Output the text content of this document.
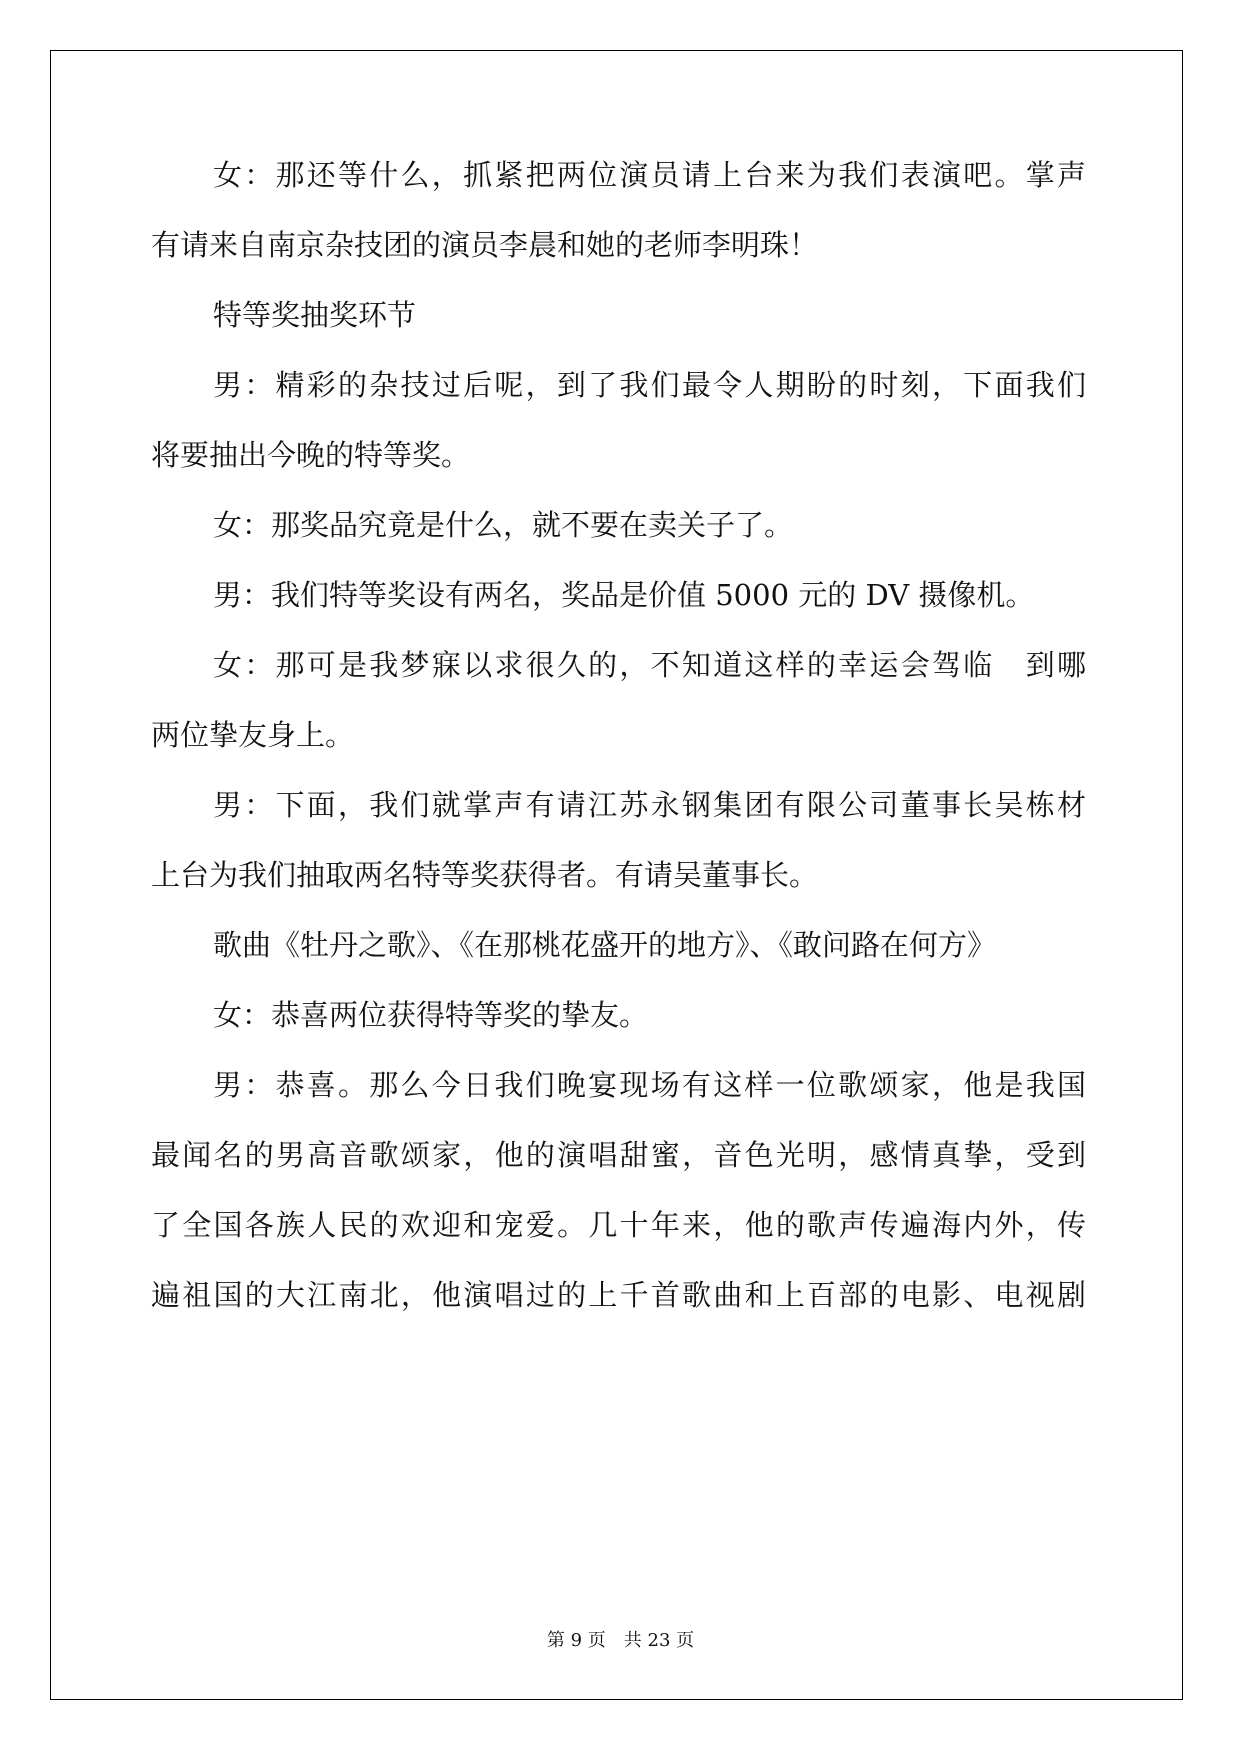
女：那还等什么，抓紧把两位演员请上台来为我们表演吧。掌声

有请来自南京杂技团的演员李晨和她的老师李明珠！

特等奖抽奖环节

男：精彩的杂技过后呢，到了我们最令人期盼的时刻，下面我们

将要抽出今晚的特等奖。

女：那奖品究竟是什么，就不要在卖关子了。

男：我们特等奖设有两名，奖品是价值 5000 元的 DV 摄像机。

女：那可是我梦寐以求很久的，不知道这样的幸运会驾临　到哪

两位挚友身上。

男：下面，我们就掌声有请江苏永钢集团有限公司董事长吴栋材

上台为我们抽取两名特等奖获得者。有请吴董事长。

歌曲《牡丹之歌》、《在那桃花盛开的地方》、《敢问路在何方》

女：恭喜两位获得特等奖的挚友。

男：恭喜。那么今日我们晚宴现场有这样一位歌颂家，他是我国

最闻名的男高音歌颂家，他的演唱甜蜜，音色光明，感情真挚，受到

了全国各族人民的欢迎和宠爱。几十年来，他的歌声传遍海内外，传

遍祖国的大江南北，他演唱过的上千首歌曲和上百部的电影、电视剧

第 9 页　共 23 页
